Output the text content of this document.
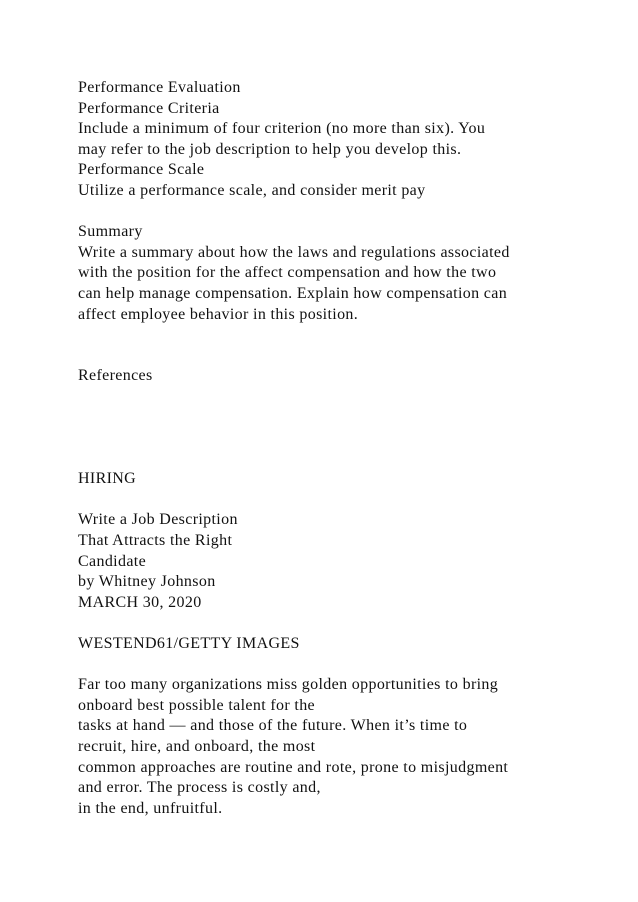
Performance Evaluation
Performance Criteria
Include a minimum of four criterion (no more than six). You
may refer to the job description to help you develop this.
Performance Scale
Utilize a performance scale, and consider merit pay
Summary
Write a summary about how the laws and regulations associated
with the position for the affect compensation and how the two
can help manage compensation. Explain how compensation can
affect employee behavior in this position.
References
HIRING
Write a Job Description
That Attracts the Right
Candidate
by Whitney Johnson
MARCH 30, 2020
WESTEND61/GETTY IMAGES
Far too many organizations miss golden opportunities to bring
onboard best possible talent for the
tasks at hand — and those of the future. When it’s time to
recruit, hire, and onboard, the most
common approaches are routine and rote, prone to misjudgment
and error. The process is costly and,
in the end, unfruitful.
